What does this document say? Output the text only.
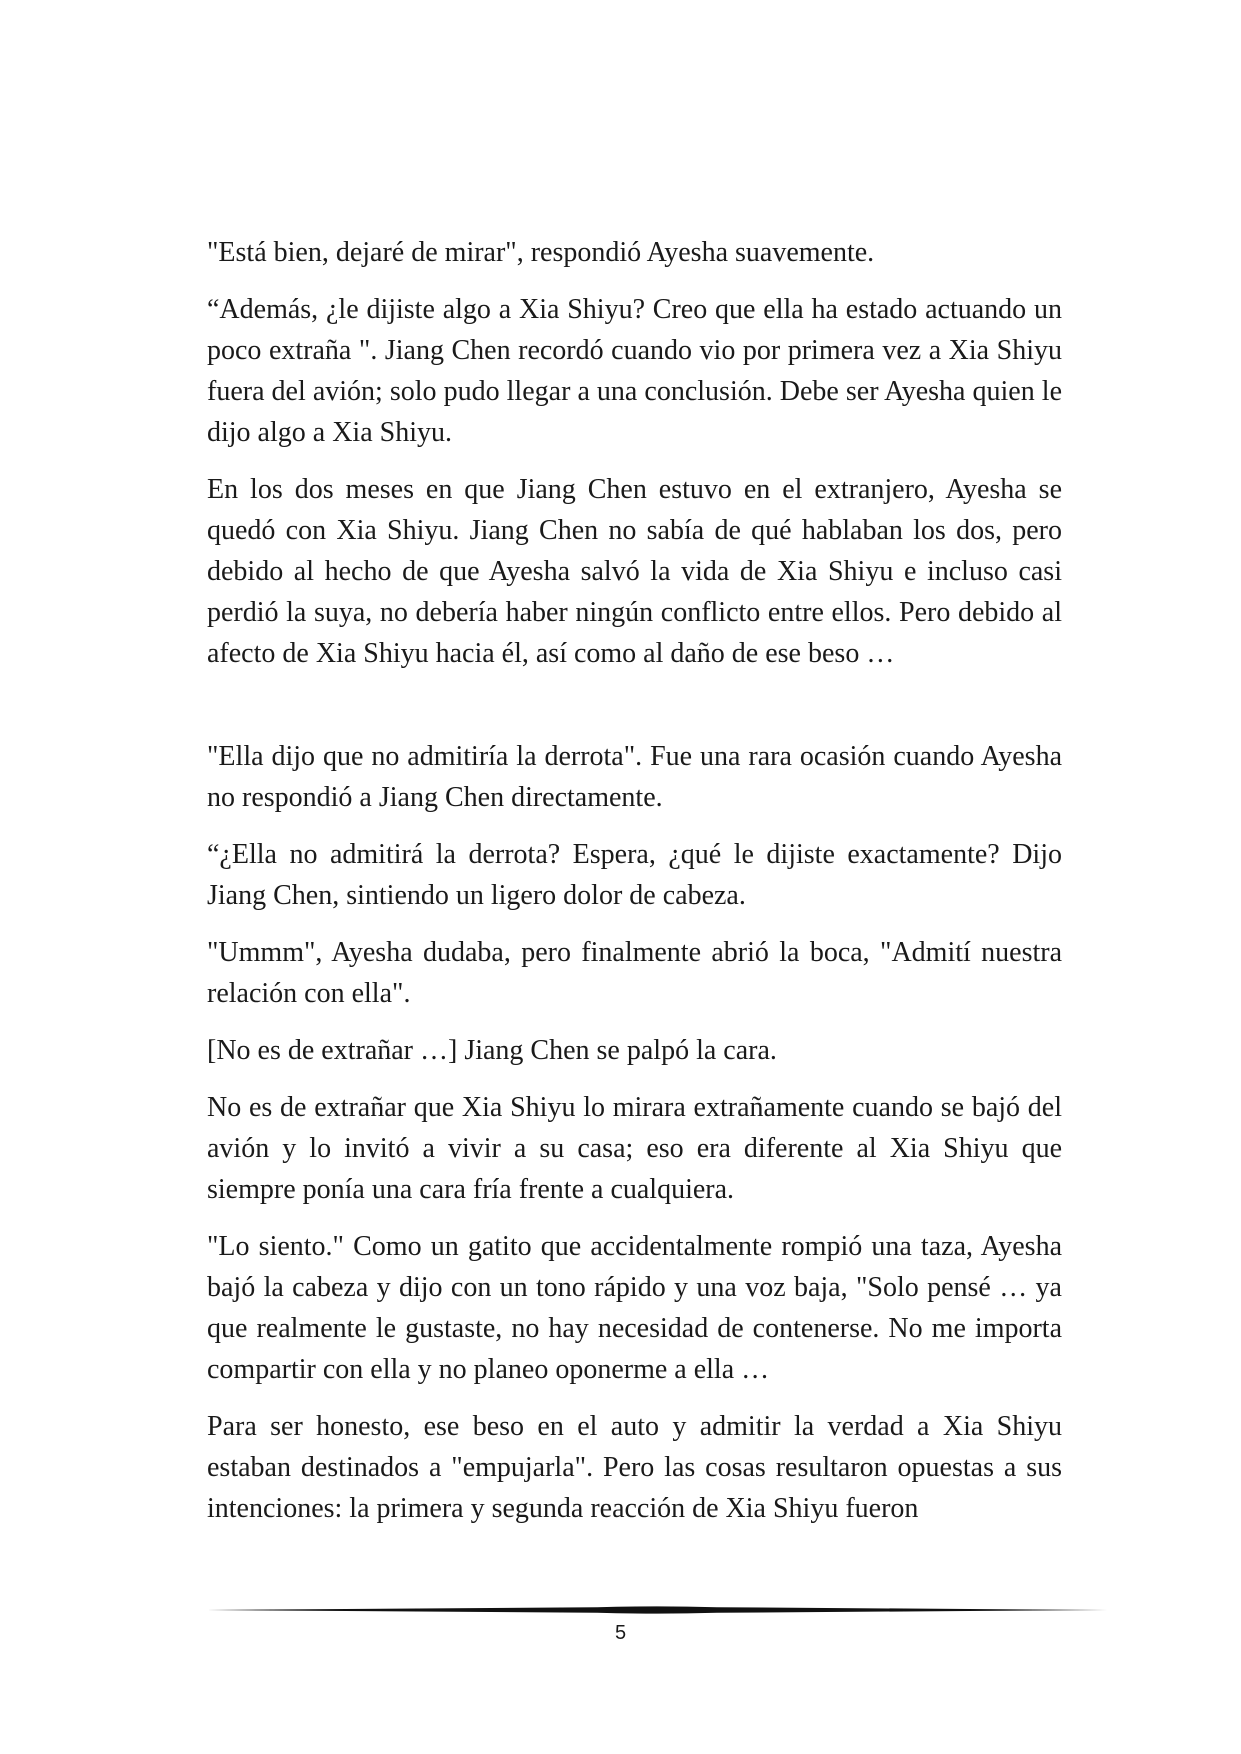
"Está bien, dejaré de mirar", respondió Ayesha suavemente.

“Además, ¿le dijiste algo a Xia Shiyu? Creo que ella ha estado actuando un poco extraña ". Jiang Chen recordó cuando vio por primera vez a Xia Shiyu fuera del avión; solo pudo llegar a una conclusión. Debe ser Ayesha quien le dijo algo a Xia Shiyu.

En los dos meses en que Jiang Chen estuvo en el extranjero, Ayesha se quedó con Xia Shiyu. Jiang Chen no sabía de qué hablaban los dos, pero debido al hecho de que Ayesha salvó la vida de Xia Shiyu e incluso casi perdió la suya, no debería haber ningún conflicto entre ellos. Pero debido al afecto de Xia Shiyu hacia él, así como al daño de ese beso …

"Ella dijo que no admitiría la derrota". Fue una rara ocasión cuando Ayesha no respondió a Jiang Chen directamente.

“¿Ella no admitirá la derrota? Espera, ¿qué le dijiste exactamente? Dijo Jiang Chen, sintiendo un ligero dolor de cabeza.

"Ummm", Ayesha dudaba, pero finalmente abrió la boca, "Admití nuestra relación con ella".

[No es de extrañar …] Jiang Chen se palpó la cara.

No es de extrañar que Xia Shiyu lo mirara extrañamente cuando se bajó del avión y lo invitó a vivir a su casa; eso era diferente al Xia Shiyu que siempre ponía una cara fría frente a cualquiera.

"Lo siento." Como un gatito que accidentalmente rompió una taza, Ayesha bajó la cabeza y dijo con un tono rápido y una voz baja, "Solo pensé … ya que realmente le gustaste, no hay necesidad de contenerse. No me importa compartir con ella y no planeo oponerme a ella …

Para ser honesto, ese beso en el auto y admitir la verdad a Xia Shiyu estaban destinados a "empujarla". Pero las cosas resultaron opuestas a sus intenciones: la primera y segunda reacción de Xia Shiyu fueron

5
